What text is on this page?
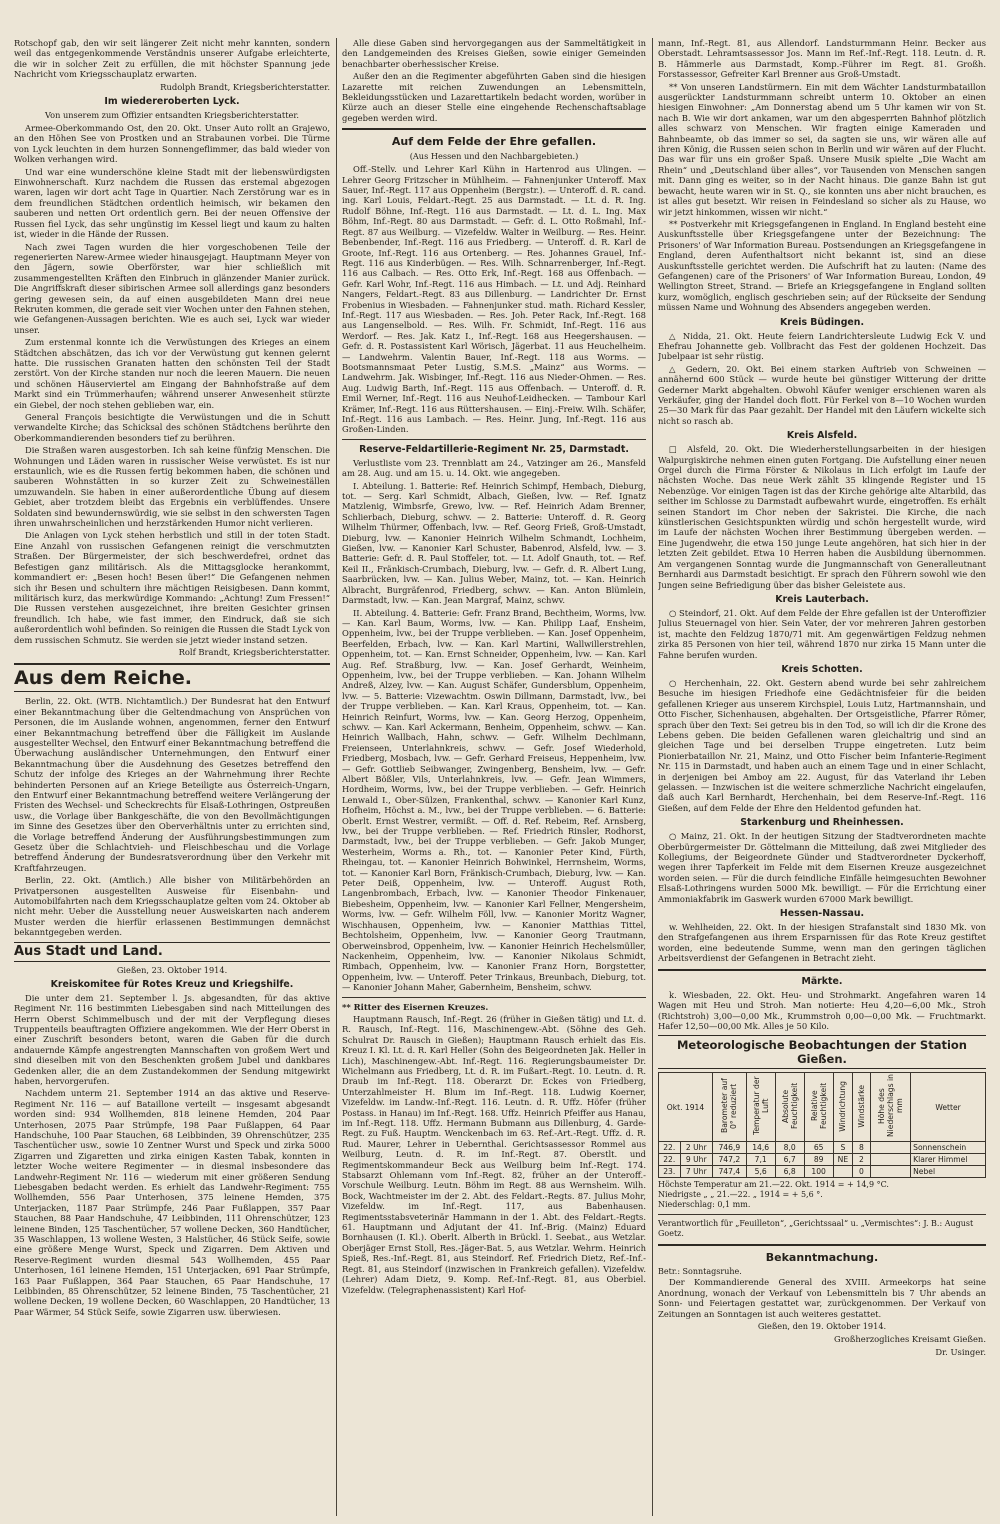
Rotschopf gab, den wir seit längerer Zeit nicht mehr kannten, sondern weil das entgegenkommende Verständnis unserer Aufgabe erleichterte, die wir in solcher Zeit zu erfüllen, die mit höchster Spannung jede Nachricht vom Kriegsschauplatz erwarten.

Rudolph Brandt, Kriegsberichterstatter.
Im wiedereroberten Lyck.
Von unserem zum Offizier entsandten Kriegsberichterstatter.

Armee-Oberkommando Ost, den 20. Okt. Unser Auto rollt an Grajewo, an den Höhen See von Prostken und an Strabaunen vorbei. Die Türme von Lyck leuchten in dem hurzen Sonnengeflimmer, das bald wieder von Wolken verhangen wird.

Und war eine wunderschöne kleine Stadt mit der liebenswürdigsten Einwohnerschaft. Kurz nachdem die Russen das erstemal abgezogen waren, lagen wir dort acht Tage in Quartier. Nach Zerstörung war es in dem freundlichen Städtchen ordentlich heimisch, wir bekamen den sauberen und netten Ort ordentlich gern. Bei der neuen Offensive der Russen fiel Lyck, das sehr ungünstig im Kessel liegt und kaum zu halten ist, wieder in die Hände der Russen.

Nach zwei Tagen wurden die hier vorgeschobenen Teile der regenerierten Narew-Armee wieder hinausgejagt. Hauptmann Meyer von den Jägern, sowie Oberförster, war hier schließlich mit zusammengestellten Kräften den Einbruch in glänzender Manier zurück. Die Angriffskraft dieser sibirischen Armee soll allerdings ganz besonders gering gewesen sein, da auf einen ausgebildeten Mann drei neue Rekruten kommen, die gerade seit vier Wochen unter den Fahnen stehen, wie Gefangenen-Aussagen berichten. Wie es auch sei, Lyck war wieder unser.

Zum erstenmal konnte ich die Verwüstungen des Krieges an einem Städtchen abschätzen, das ich vor der Verwüstung gut kennen gelernt hatte. Die russischen Granaten hatten den schönsten Teil der Stadt zerstört. Von der Kirche standen nur noch die leeren Mauern. Die neuen und schönen Häuserviertel am Eingang der Bahnhofstraße auf dem Markt sind ein Trümmerhaufen; während unserer Anwesenheit stürzte ein Giebel, der noch stehen geblieben war, ein.

General François besichtigte die Verwüstungen und die in Schutt verwandelte Kirche; das Schicksal des schönen Städtchens berührte den Oberkommandierenden besonders tief zu berühren.

Die Straßen waren ausgestorben. Ich sah keine fünfzig Menschen. Die Wohnungen und Läden waren in russischer Weise verwüstet. Es ist nur erstaunlich, wie es die Russen fertig bekommen haben, die schönen und sauberen Wohnstätten in so kurzer Zeit zu Schweineställen umzuwandeln. Sie haben in einer außerordentliche Übung auf diesem Gebiet, aber trotzdem bleibt das Ergebnis ein verblüffendes. Unsere Soldaten sind bewundernswürdig, wie sie selbst in den schwersten Tagen ihren unwahrscheinlichen und herzstärkenden Humor nicht verlieren.

Die Anlagen von Lyck stehen herbstlich und still in der toten Stadt. Eine Anzahl von russischen Gefangenen reinigt die verschmutzten Straßen. Der Bürgermeister, der sich beschwerdefrei, ordnet das Befestigen ganz militärisch. Als die Mittagsglocke herankommt, kommandiert er: „Besen hoch! Besen über!“ Die Gefangenen nehmen sich ihr Besen und schultern ihre mächtigen Reisigbesen. Dann kommt, militärisch kurz, das merkwürdige Kommando: „Achtung! Zum Fressen!“ Die Russen verstehen ausgezeichnet, ihre breiten Gesichter grinsen freundlich. Ich habe, wie fast immer, den Eindruck, daß sie sich außerordentlich wohl befinden. So reinigen die Russen die Stadt Lyck von dem russischen Schmutz. Sie werden sie jetzt wieder instand setzen.

Rolf Brandt, Kriegsberichterstatter.
Aus dem Reiche.

Berlin, 22. Okt. (WTB. Nichtamtlich.) Der Bundesrat hat den Entwurf einer Bekanntmachung über die Geltendmachung von Ansprüchen von Personen, die im Auslande wohnen, angenommen, ferner den Entwurf einer Bekanntmachung betreffend über die Fälligkeit im Auslande ausgestellter Wechsel, den Entwurf einer Bekanntmachung betreffend die Überwachung ausländischer Unternehmungen, den Entwurf einer Bekanntmachung über die Ausdehnung des Gesetzes betreffend den Schutz der infolge des Krieges an der Wahrnehmung ihrer Rechte behinderten Personen auf an Kriege Beteiligte aus Österreich-Ungarn, den Entwurf einer Bekanntmachung betreffend weitere Verlängerung der Fristen des Wechsel- und Scheckrechts für Elsaß-Lothringen, Ostpreußen usw., die Vorlage über Bankgeschäfte, die von den Bevollmächtigungen im Sinne des Gesetzes über den Oberverhältnis unter zu errichten sind, die Vorlage betreffend Änderung der Ausführungsbestimmungen zum Gesetz über die Schlachtvieh- und Fleischbeschau und die Vorlage betreffend Änderung der Bundesratsverordnung über den Verkehr mit Kraftfahrzeugen.

Berlin, 22. Okt. (Amtlich.) Alle bisher von Militärbehörden an Privatpersonen ausgestellten Ausweise für Eisenbahn- und Automobilfahrten nach dem Kriegsschauplatze gelten vom 24. Oktober ab nicht mehr. Ueber die Ausstellung neuer Ausweiskarten nach anderem Muster werden die hierfür erlassenen Bestimmungen demnächst bekanntgegeben werden.

Aus Stadt und Land.
Gießen, 23. Oktober 1914.
Kreiskomitee für Rotes Kreuz und Kriegshilfe.

Die unter dem 21. September l. Js. abgesandten, für das aktive Regiment Nr. 116 bestimmten Liebesgaben sind nach Mitteilungen des Herrn Oberst Schimmelbusch und der mit der Verpflegung dieses Truppenteils beauftragten Offiziere angekommen. Wie der Herr Oberst in einer Zuschrift besonders betont, waren die Gaben für die durch andauernde Kämpfe angestrengten Mannschaften von großem Wert und sind dieselben mit von den Beschenkten großem Jubel und dankbares Gedenken aller, die an dem Zustandekommen der Sendung mitgewirkt haben, hervorgerufen.

Nachdem unterm 21. September 1914 an das aktive und Reserve-Regiment Nr. 116 — auf Bataillone verteilt — insgesamt abgesandt worden sind: 934 Wollhemden, 818 leinene Hemden, 204 Paar Unterhosen, 2075 Paar Strümpfe, 198 Paar Fußlappen, 64 Paar Handschuhe, 100 Paar Stauchen, 68 Leibbinden, 39 Ohrenschützer, 235 Taschentücher usw., sowie 10 Zentner Wurst und Speck und zirka 5000 Zigarren und Zigaretten und zirka einigen Kasten Tabak, konnten in letzter Woche weitere Regimenter — in diesmal insbesondere das Landwehr-Regiment Nr. 116 — wiederum mit einer größeren Sendung Liebesgaben bedacht werden. Es erhielt das Landwehr-Regiment: 755 Wollhemden, 556 Paar Unterhosen, 375 leinene Hemden, 375 Unterjacken, 1187 Paar Strümpfe, 246 Paar Fußlappen, 357 Paar Stauchen, 88 Paar Handschuhe, 47 Leibbinden, 111 Ohrenschützer, 123 leinene Binden, 125 Taschentücher, 57 wollene Decken, 360 Handtücher, 35 Waschlappen, 13 wollene Westen, 3 Halstücher, 46 Stück Seife, sowie eine größere Menge Wurst, Speck und Zigarren. Dem Aktiven und Reserve-Regiment wurden diesmal 543 Wollhemden, 455 Paar Unterhosen, 161 leinene Hemden, 151 Unterjacken, 691 Paar Strümpfe, 163 Paar Fußlappen, 364 Paar Stauchen, 65 Paar Handschuhe, 17 Leibbinden, 85 Ohrenschützer, 52 leinene Binden, 75 Taschentücher, 21 wollene Decken, 19 wollene Decken, 60 Waschlappen, 20 Handtücher, 13 Paar Wärmer, 54 Stück Seife, sowie Zigarren usw. überwiesen.

Alle diese Gaben sind hervorgegangen aus der Sammeltätigkeit in den Landgemeinden des Kreises Gießen, sowie einiger Gemeinden benachbarter oberhessischer Kreise.

Außer den an die Regimenter abgeführten Gaben sind die hiesigen Lazarette mit reichen Zuwendungen an Lebensmitteln, Bekleidungsstücken und Lazarettartikeln bedacht worden, worüber in Kürze auch an dieser Stelle eine eingehende Rechenschaftsablage gegeben werden wird.

Auf dem Felde der Ehre gefallen.
(Aus Hessen und den Nachbargebieten.)

Off.-Stellv. und Lehrer Karl Kühn in Hartenrod aus Ulingen. — Lehrer Georg Fritzscher in Mühlheim. — Fahnenjunker Unteroff. Max Sauer, Inf.-Regt. 117 aus Oppenheim (Bergstr.). — Unteroff. d. R. cand. ing. Karl Louis, Feldart.-Regt. 25 aus Darmstadt. — Lt. d. R. Ing. Rudolf Böhne, Inf.-Regt. 116 aus Darmstadt. — Lt. d. L. Ing. Max Böhm, Inf.-Regt. 80 aus Darmstadt. — Gefr. d. L. Otto Roßmahl, Inf.-Regt. 87 aus Weilburg. — Vizefeldw. Walter in Weilburg. — Res. Heinr. Bebenbender, Inf.-Regt. 116 aus Friedberg. — Unteroff. d. R. Karl de Groote, Inf.-Regt. 116 aus Ortenberg. — Res. Johannes Grauel, Inf.-Regt. 116 aus Kinderbügen. — Res. Wilh. Schnarrenberger, Inf.-Regt. 116 aus Calbach. — Res. Otto Erk, Inf.-Regt. 168 aus Offenbach. — Gefr. Karl Wohr, Inf.-Regt. 116 aus Himbach. — Lt. und Adj. Reinhard Nangers, Feldart.-Regt. 83 aus Dillenburg. — Landrichter Dr. Ernst Frobenius in Wiesbaden. — Fahnenjunker stud. math. Richard Kessler, Inf.-Regt. 117 aus Wiesbaden. — Res. Joh. Peter Rack, Inf.-Regt. 168 aus Langenselbold. — Res. Wilh. Fr. Schmidt, Inf.-Regt. 116 aus Werdorf. — Res. Jak. Katz I., Inf.-Regt. 168 aus Heegershausen. — Gefr. d. R. Postassistent Karl Wörisch, Jägerbat. 11 aus Heuchelheim. — Landwehrm. Valentin Bauer, Inf.-Regt. 118 aus Worms. — Bootsmannsmaat Peter Lustig, S.M.S. „Mainz“ aus Worms. — Landwehrm. Jak. Wisbinger, Inf.-Regt. 116 aus Nieder-Ohmen. — Res. Aug. Ludwig Barth, Inf.-Regt. 115 aus Offenbach. — Unteroff. d. R. Emil Werner, Inf.-Regt. 116 aus Neuhof-Leidhecken. — Tambour Karl Krämer, Inf.-Regt. 116 aus Rüttershausen. — Einj.-Freiw. Wilh. Schäfer, Inf.-Regt. 116 aus Lambach. — Res. Heinr. Jung, Inf.-Regt. 116 aus Großen-Linden.

Reserve-Feldartillerie-Regiment Nr. 25, Darmstadt.

Verlustliste vom 23. Trennblatt am 24., Vatzinger am 26., Mansfeld am 28. Aug. und am 15. u. 14. Okt. wie angegeben.

I. Abteilung. 1. Batterie: Ref. Heinrich Schimpf, Hembach, Dieburg, tot. — Serg. Karl Schmidt, Albach, Gießen, lvw. — Ref. Ignatz Matzlenig, Wimbsrfe, Grewo, lvw. — Ref. Heinrich Adam Brenner, Schlierbach, Dieburg, schwv. — 2. Batterie: Unteroff. d. R. Georg Wilhelm Thürmer, Offenbach, lvw. — Ref. Georg Frieß, Groß-Umstadt, Dieburg, lvw. — Kanonier Heinrich Wilhelm Schmandt, Lochheim, Gießen, lvw. — Kanonier Karl Schuster, Babenrod, Alsfeld, lvw. — 3. Batterie: Gefr. d. R. Paul Stoffeler, tot. — Lt. Adolf Gnauth, tot. — Ref. Keil II., Fränkisch-Crumbach, Dieburg, lvw. — Gefr. d. R. Albert Lung, Saarbrücken, lvw. — Kan. Julius Weber, Mainz, tot. — Kan. Heinrich Albracht, Burgräfenrod, Friedberg, schwv. — Kan. Anton Blümlein, Darmstadt, lvw. — Kan. Jean Margraf, Mainz, schwv.

II. Abteilung. 4. Batterie: Gefr. Franz Brand, Bechtheim, Worms, lvw. — Kan. Karl Baum, Worms, lvw. — Kan. Philipp Laaf, Ensheim, Oppenheim, lvw., bei der Truppe verblieben. — Kan. Josef Oppenheim, Beerfelden, Erbach, lvw. — Kan. Karl Martini, Wallwillerstrehlen, Oppenheim, tot. — Kan. Ernst Schneider, Oppenheim, lvw. — Kan. Karl Aug. Ref. Straßburg, lvw. — Kan. Josef Gerhardt, Weinheim, Oppenheim, lvw., bei der Truppe verblieben. — Kan. Johann Wilhelm Andreß, Alzey, lvw. — Kan. August Schäfer, Gundersblum, Oppenheim, lvw. — 5. Batterie: Vizewachtm. Oswin Dillmann, Darmstadt, lvw., bei der Truppe verblieben. — Kan. Karl Kraus, Oppenheim, tot. — Kan. Heinrich Reinfurt, Worms, lvw. — Kan. Georg Herzog, Oppenheim, schwv. — Kan. Karl Ackermann, Benheim, Oppenheim, schwv. — Kan. Heinrich Wallbach, Hahn, schwv. — Gefr. Wilhelm Dechlmann, Freienseen, Unterlahnkreis, schwv. — Gefr. Josef Wiederhold, Friedberg, Mosbach, lvw. — Gefr. Gerhard Freiseus, Heppenheim, lvw. — Gefr. Gottlieb Seibwanger, Zwingenberg, Bensheim, lvw. — Gefr. Albert Bößler, Vils, Unterlahnkreis, lvw. — Gefr. Jean Wimmers, Hordheim, Worms, lvw., bei der Truppe verblieben. — Gefr. Heinrich Lenwald I., Ober-Sülzen, Frankenthal, schwv. — Kanonier Karl Kunz, Hofheim, Höchst a. M., lvw., bei der Truppe verblieben. — 6. Batterie: Oberlt. Ernst Westrer, vermißt. — Off. d. Ref. Rebeim, Ref. Arnsberg, lvw., bei der Truppe verblieben. — Ref. Friedrich Rinsler, Rodhorst, Darmstadt, lvw., bei der Truppe verblieben. — Gefr. Jakob Munger, Westerheim, Worms a. Rh., tot. — Kanonier Peter Kind, Fürth, Rheingau, tot. — Kanonier Heinrich Bohwinkel, Herrnsheim, Worms, tot. — Kanonier Karl Born, Fränkisch-Crumbach, Dieburg, lvw. — Kan. Peter Deiß, Oppenheim, lvw. — Unteroff. August Roth, Langenbrombach, Erbach, lvw. — Kanonier Theodor Finkenauer, Biebesheim, Oppenheim, lvw. — Kanonier Karl Fellner, Mengersheim, Worms, lvw. — Gefr. Wilhelm Föll, lvw. — Kanonier Moritz Wagner, Wischhausen, Oppenheim, lvw. — Kanonier Matthias Tittel, Bechtolsheim, Oppenheim, lvw. — Kanonier Georg Trautmann, Oberweinsbrod, Oppenheim, lvw. — Kanonier Heinrich Hechelsmüller, Nackenheim, Oppenheim, lvw. — Kanonier Nikolaus Schmidt, Rimbach, Oppenheim, lvw. — Kanonier Franz Horn, Borgstetter, Oppenheim, lvw. — Unteroff. Peter Trinkaus, Breunbach, Dieburg, tot. — Kanonier Johann Maher, Gabernheim, Bensheim, schwv.

** Ritter des Eisernen Kreuzes.

Hauptmann Rausch, Inf.-Regt. 26 (früher in Gießen tätig) und Lt. d. R. Rausch, Inf.-Regt. 116, Maschinengew.-Abt. (Söhne des Geh. Schulrat Dr. Rausch in Gießen); Hauptmann Rausch erhielt das Eis. Kreuz I. Kl. Lt. d. R. Karl Heller (Sohn des Beigeordneten Jak. Heller in Lich), Maschinengew.-Abt. Inf.-Regt. 116. Regierungsbaumeister Dr. Wichelmann aus Friedberg, Lt. d. R. im Fußart.-Regt. 10. Leutn. d. R. Draub im Inf.-Regt. 118. Oberarzt Dr. Eckes von Friedberg, Unterzahlmeister H. Blum im Inf.-Regt. 118. Ludwig Koerner, Vizefeldw. im Landw.-Inf.-Regt. 116. Leutn. d. R. Uffz. Höfer (früher Postass. in Hanau) im Inf.-Regt. 168. Uffz. Heinrich Pfeiffer aus Hanau, im Inf.-Regt. 118. Uffz. Hermann Bubmann aus Dillenburg, 4. Garde-Regt. zu Fuß. Hauptm. Wenckenbach im 63. Ref.-Art.-Regt. Uffz. d. R. Rud. Maurer, Lehrer in Uebernthal. Gerichtsassessor Rommel aus Weilburg, Leutn. d. R. im Inf.-Regt. 87. Oberstlt. und Regimentskommandeur Beck aus Weilburg beim Inf.-Regt. 174. Stabsarzt Ohlemann vom Inf.-Regt. 82, früher an der Unteroff.-Vorschule Weilburg. Leutn. Böhm im Regt. 88 aus Wernsheim. Wilh. Bock, Wachtmeister im der 2. Abt. des Feldart.-Regts. 87. Julius Mohr, Vizefeldw. im Inf.-Regt. 117, aus Babenhausen. Regimentsstabsveterinär Hammann in der 1. Abt. des Feldart.-Regts. 61. Hauptmann und Adjutant der 41. Inf.-Brig. (Mainz) Eduard Bornhausen (I. Kl.). Oberlt. Alberth in Brückl. 1. Seebat., aus Wetzlar. Oberjäger Ernst Stoll, Res.-Jäger-Bat. 5, aus Wetzlar. Wehrm. Heinrich Spieß, Res.-Inf.-Regt. 81, aus Steindorf. Ref. Friedrich Dietz, Ref.-Inf.-Regt. 81, aus Steindorf (inzwischen in Frankreich gefallen). Vizefeldw. (Lehrer) Adam Dietz, 9. Komp. Ref.-Inf.-Regt. 81, aus Oberbiel. Vizefeldw. (Telegraphenassistent) Karl Hof-

mann, Inf.-Regt. 81, aus Allendorf. Landsturmmann Heinr. Becker aus Oberstadt. Lehramtsassessor Jos. Mann im Ref.-Inf.-Regt. 118. Leutn. d. R. B. Hämmerle aus Darmstadt, Komp.-Führer im Regt. 81. Großh. Forstassessor, Gefreiter Karl Brenner aus Groß-Umstadt.

** Von unseren Landstürmern. Ein mit dem Wächter Landsturmbataillon ausgerückter Landsturmmann schreibt unterm 10. Oktober an einen hiesigen Einwohner: „Am Donnerstag abend um 5 Uhr kamen wir von St. nach B. Wie wir dort ankamen, war um den abgesperrten Bahnhof plötzlich alles schwarz von Menschen. Wir fragten einige Kameraden und Bahnbeamte, ob das immer so sei, da sagten sie uns, wir wären alle auf ihren König, die Russen seien schon in Berlin und wir wären auf der Flucht. Das war für uns ein großer Spaß. Unsere Musik spielte „Die Wacht am Rhein“ und „Deutschland über alles“, vor Tausenden von Menschen sangen mit. Dann ging es weiter, so in der Nacht hinaus. Die ganze Bahn ist gut bewacht, heute waren wir in St. Q., sie konnten uns aber nicht brauchen, es ist alles gut besetzt. Wir reisen in Feindesland so sicher als zu Hause, wo wir jetzt hinkommen, wissen wir nicht.“

** Postverkehr mit Kriegsgefangenen in England. In England besteht eine Auskunftsstelle über Kriegsgefangene unter der Bezeichnung: The Prisoners' of War Information Bureau. Postsendungen an Kriegsgefangene in England, deren Aufenthaltsort nicht bekannt ist, sind an diese Auskunftsstelle gerichtet werden. Die Aufschrift hat zu lauten: (Name des Gefangenen) care of the Prisoners' of War Information Bureau, London, 49 Wellington Street, Strand. — Briefe an Kriegsgefangene in England sollten kurz, womöglich, englisch geschrieben sein; auf der Rückseite der Sendung müssen Name und Wohnung des Absenders angegeben werden.

Kreis Büdingen.

△ Nidda, 21. Okt. Heute feiern Landrichtersleute Ludwig Eck V. und Ehefrau Johannette geb. Vollbracht das Fest der goldenen Hochzeit. Das Jubelpaar ist sehr rüstig.

△ Gedern, 20. Okt. Bei einem starken Auftrieb von Schweinen — annähernd 600 Stück — wurde heute bei günstiger Witterung der dritte Gederner Markt abgehalten. Obwohl Käufer weniger erschienen waren als Verkäufer, ging der Handel doch flott. Für Ferkel von 8—10 Wochen wurden 25—30 Mark für das Paar gezahlt. Der Handel mit den Läufern wickelte sich nicht so rasch ab.

Kreis Alsfeld.

□ Alsfeld, 20. Okt. Die Wiederherstellungsarbeiten in der hiesigen Walpurgiskirche nehmen einen guten Fortgang. Die Aufstellung einer neuen Orgel durch die Firma Förster & Nikolaus in Lich erfolgt im Laufe der nächsten Woche. Das neue Werk zählt 35 klingende Register und 15 Nebenzüge. Vor einigen Tagen ist das der Kirche gehörige alte Altarbild, das seither im Schlosse zu Darmstadt aufbewahrt wurde, eingetroffen. Es erhält seinen Standort im Chor neben der Sakristei. Die Kirche, die nach künstlerischen Gesichtspunkten würdig und schön hergestellt wurde, wird im Laufe der nächsten Wochen ihrer Bestimmung übergeben werden. — Eine Jugendwehr, die etwa 150 junge Leute angehören, hat sich hier in der letzten Zeit gebildet. Etwa 10 Herren haben die Ausbildung übernommen. Am vergangenen Sonntag wurde die Jungmannschaft von Generalleutnant Bernhardi aus Darmstadt besichtigt. Er sprach den Führern sowohl wie den Jungen seine Befriedigung über das bisher Geleistete aus.

Kreis Lauterbach.

○ Steindorf, 21. Okt. Auf dem Felde der Ehre gefallen ist der Unteroffizier Julius Steuernagel von hier. Sein Vater, der vor mehreren Jahren gestorben ist, machte den Feldzug 1870/71 mit. Am gegenwärtigen Feldzug nehmen zirka 85 Personen von hier teil, während 1870 nur zirka 15 Mann unter die Fahne berufen wurden.

Kreis Schotten.

○ Herchenhain, 22. Okt. Gestern abend wurde bei sehr zahlreichem Besuche im hiesigen Friedhofe eine Gedächtnisfeier für die beiden gefallenen Krieger aus unserem Kirchspiel, Louis Lutz, Hartmannshain, und Otto Fischer, Sichenhausen, abgehalten. Der Ortsgeistliche, Pfarrer Römer, sprach über den Text: Sei getreu bis in den Tod, so will ich dir die Krone des Lebens geben. Die beiden Gefallenen waren gleichaltrig und sind an gleichen Tage und bei derselben Truppe eingetreten. Lutz beim Pionierbataillon Nr. 21, Mainz, und Otto Fischer beim Infanterie-Regiment Nr. 115 in Darmstadt, und haben auch an einem Tage und in einer Schlacht, in derjenigen bei Amboy am 22. August, für das Vaterland ihr Leben gelassen. — Inzwischen ist die weitere schmerzliche Nachricht eingelaufen, daß auch Karl Bernhardt, Herchenhain, bei dem Reserve-Inf.-Regt. 116 Gießen, auf dem Felde der Ehre den Heldentod gefunden hat.

Starkenburg und Rheinhessen.

○ Mainz, 21. Okt. In der heutigen Sitzung der Stadtverordneten machte Oberbürgermeister Dr. Göttelmann die Mitteilung, daß zwei Mitglieder des Kollegiums, der Beigeordnete Günder und Stadtverordneter Dyckerhoff, wegen ihrer Tapferkeit im Felde mit dem Eisernen Kreuze ausgezeichnet worden seien. — Für die durch feindliche Einfälle heimgesuchten Bewohner Elsaß-Lothringens wurden 5000 Mk. bewilligt. — Für die Errichtung einer Ammoniakfabrik im Gaswerk wurden 67000 Mark bewilligt.

Hessen-Nassau.

w. Wehlheiden, 22. Okt. In der hiesigen Strafanstalt sind 1830 Mk. von den Strafgefangenen aus ihrem Ersparnissen für das Rote Kreuz gestiftet worden, eine bedeutende Summe, wenn man den geringen täglichen Arbeitsverdienst der Gefangenen in Betracht zieht.

Märkte.

k. Wiesbaden, 22. Okt. Heu- und Strohmarkt. Angefahren waren 14 Wagen mit Heu und Stroh. Man notierte: Heu 4,20—6,00 Mk., Stroh (Richtstroh) 3,00—0,00 Mk., Krummstroh 0,00—0,00 Mk. — Fruchtmarkt. Hafer 12,50—00,00 Mk. Alles je 50 Kilo.

Meteorologische Beobachtungen der Station Gießen.
Okt. 1914		Barometer auf 0° reduziert	Temperatur der Luft	Absolute Feuchtigkeit	Relative Feuchtigkeit	Windrichtung	Windstärke	Höhe des Niederschlags in mm	Wetter
22.	2 Uhr	746,9	14,6	8,0	65	S	8		Sonnenschein
22.	9 Uhr	747,2	7,1	6,7	89	NE	2		Klarer Himmel
23.	7 Uhr	747,4	5,6	6,8	100		0		Nebel
Höchste Temperatur am 21.—22. Okt. 1914 = + 14,9 °C.
Niedrigste „ „ 21.—22. „ 1914 = + 5,6 °.
Niederschlag: 0,1 mm.
Verantwortlich für „Feuilleton“, „Gerichtssaal“ u. „Vermischtes“: J. B.: August Goetz.
Bekanntmachung.
Betr.: Sonntagsruhe.

Der Kommandierende General des XVIII. Armeekorps hat seine Anordnung, wonach der Verkauf von Lebensmitteln bis 7 Uhr abends an Sonn- und Feiertagen gestattet war, zurückgenommen. Der Verkauf von Zeitungen an Sonntagen ist auch weiteres gestattet.

Gießen, den 19. Oktober 1914.
Großherzogliches Kreisamt Gießen.
Dr. Usinger.
